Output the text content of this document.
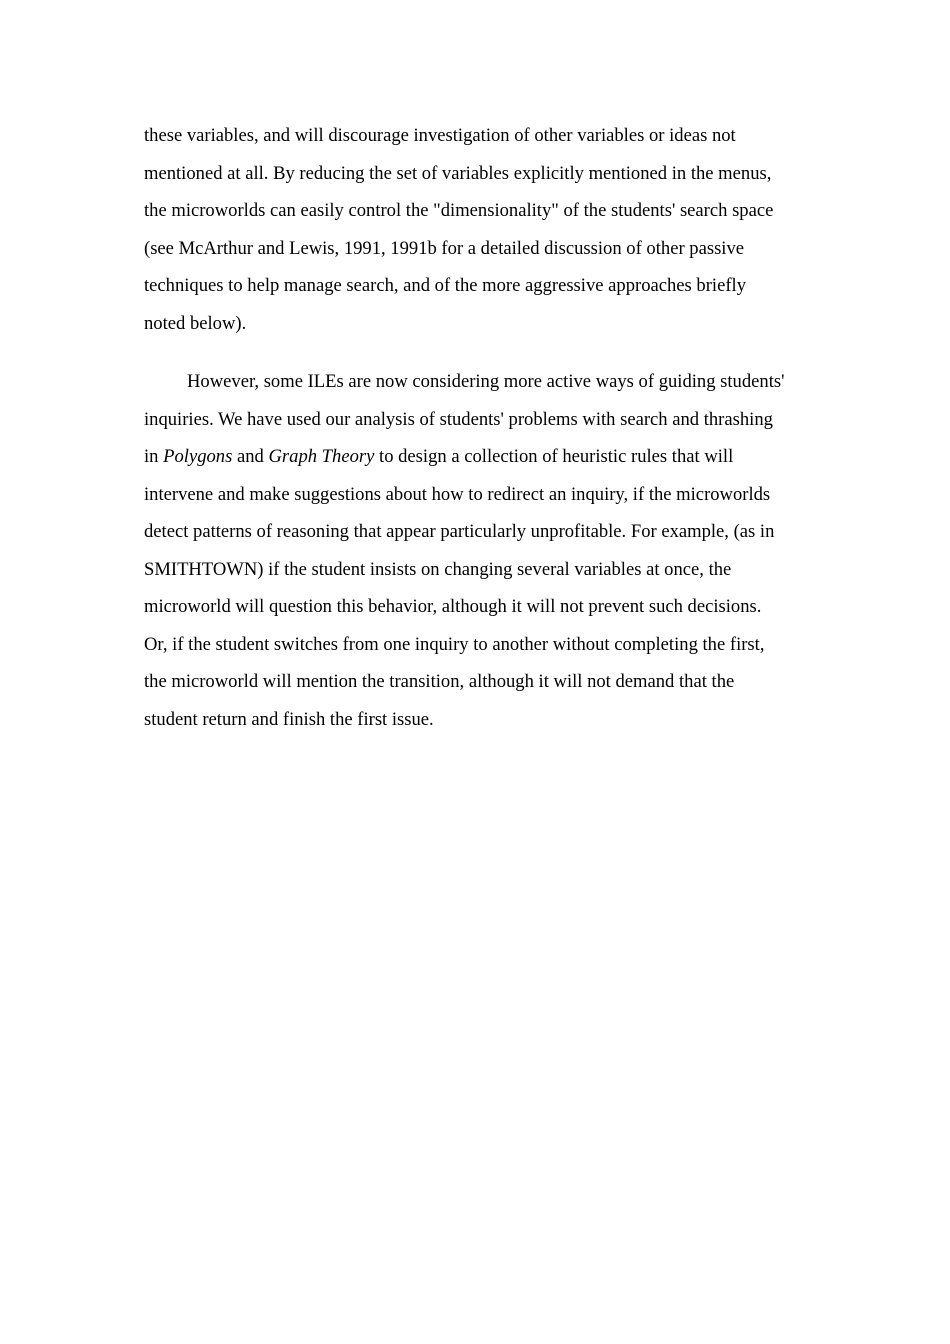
these variables, and will discourage investigation of other variables or ideas not
mentioned at all. By reducing the set of variables explicitly mentioned in the menus,
the microworlds can easily control the "dimensionality" of the students' search space
(see McArthur and Lewis, 1991, 1991b for a detailed discussion of other passive
techniques to help manage search, and of the more aggressive approaches briefly
noted below).
However, some ILEs are now considering more active ways of guiding students'
inquiries. We have used our analysis of students' problems with search and thrashing
in Polygons and Graph Theory to design a collection of heuristic rules that will
intervene and make suggestions about how to redirect an inquiry, if the microworlds
detect patterns of reasoning that appear particularly unprofitable. For example, (as in
SMITHTOWN) if the student insists on changing several variables at once, the
microworld will question this behavior, although it will not prevent such decisions.
Or, if the student switches from one inquiry to another without completing the first,
the microworld will mention the transition, although it will not demand that the
student return and finish the first issue.
